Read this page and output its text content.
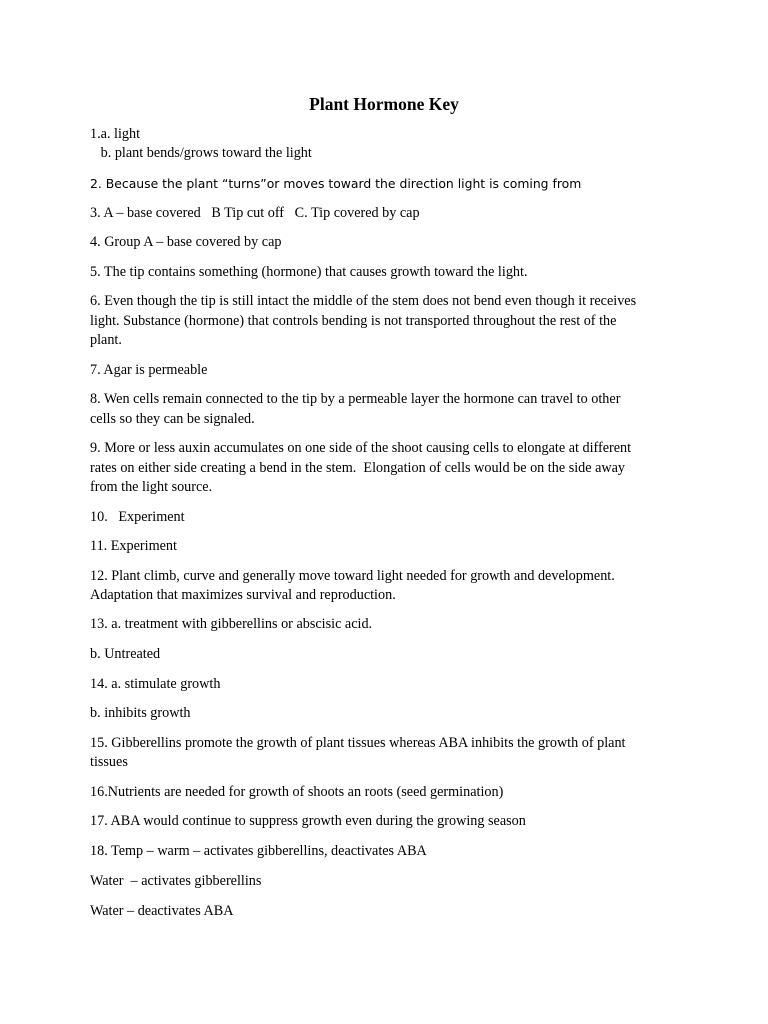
Plant Hormone Key
1.a. light
b. plant bends/grows toward the light
2. Because the plant “turns”or moves toward the direction light is coming from
3. A – base covered   B Tip cut off   C. Tip covered by cap
4. Group A – base covered by cap
5. The tip contains something (hormone) that causes growth toward the light.
6. Even though the tip is still intact the middle of the stem does not bend even though it receives
light. Substance (hormone) that controls bending is not transported throughout the rest of the
plant.
7. Agar is permeable
8. Wen cells remain connected to the tip by a permeable layer the hormone can travel to other
cells so they can be signaled.
9. More or less auxin accumulates on one side of the shoot causing cells to elongate at different
rates on either side creating a bend in the stem.  Elongation of cells would be on the side away
from the light source.
10.   Experiment
11. Experiment
12. Plant climb, curve and generally move toward light needed for growth and development.
Adaptation that maximizes survival and reproduction.
13. a. treatment with gibberellins or abscisic acid.
b. Untreated
14. a. stimulate growth
b. inhibits growth
15. Gibberellins promote the growth of plant tissues whereas ABA inhibits the growth of plant
tissues
16.Nutrients are needed for growth of shoots an roots (seed germination)
17. ABA would continue to suppress growth even during the growing season
18. Temp – warm – activates gibberellins, deactivates ABA
Water  – activates gibberellins
Water – deactivates ABA
